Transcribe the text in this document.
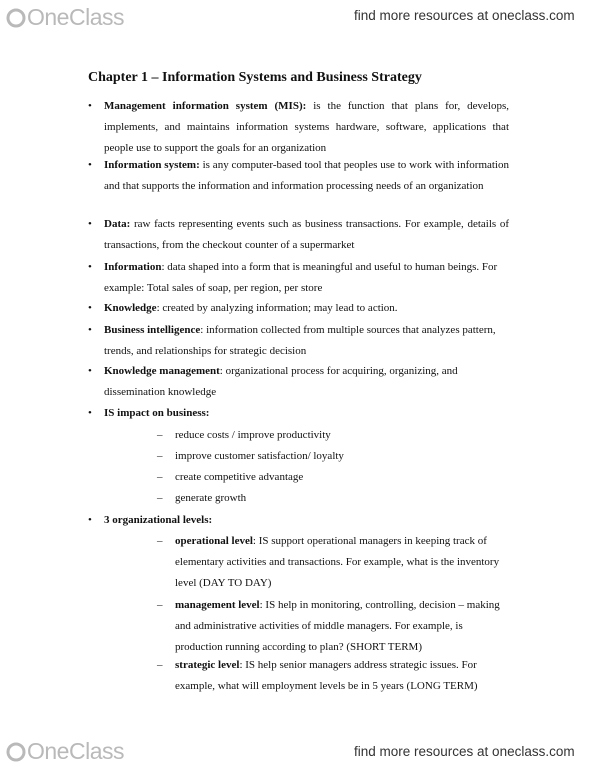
OneClass	find more resources at oneclass.com
Chapter 1 – Information Systems and Business Strategy
• Management information system (MIS): is the function that plans for, develops, implements, and maintains information systems hardware, software, applications that people use to support the goals for an organization
• Information system: is any computer-based tool that peoples use to work with information and that supports the information and information processing needs of an organization
• Data: raw facts representing events such as business transactions. For example, details of transactions, from the checkout counter of a supermarket
• Information: data shaped into a form that is meaningful and useful to human beings. For example: Total sales of soap, per region, per store
• Knowledge: created by analyzing information; may lead to action.
• Business intelligence: information collected from multiple sources that analyzes pattern, trends, and relationships for strategic decision
• Knowledge management: organizational process for acquiring, organizing, and dissemination knowledge
• IS impact on business:
– reduce costs / improve productivity
– improve customer satisfaction/ loyalty
– create competitive advantage
– generate growth
• 3 organizational levels:
– operational level: IS support operational managers in keeping track of elementary activities and transactions. For example, what is the inventory level (DAY TO DAY)
– management level: IS help in monitoring, controlling, decision – making and administrative activities of middle managers. For example, is production running according to plan? (SHORT TERM)
– strategic level: IS help senior managers address strategic issues. For example, what will employment levels be in 5 years (LONG TERM)
OneClass	find more resources at oneclass.com
